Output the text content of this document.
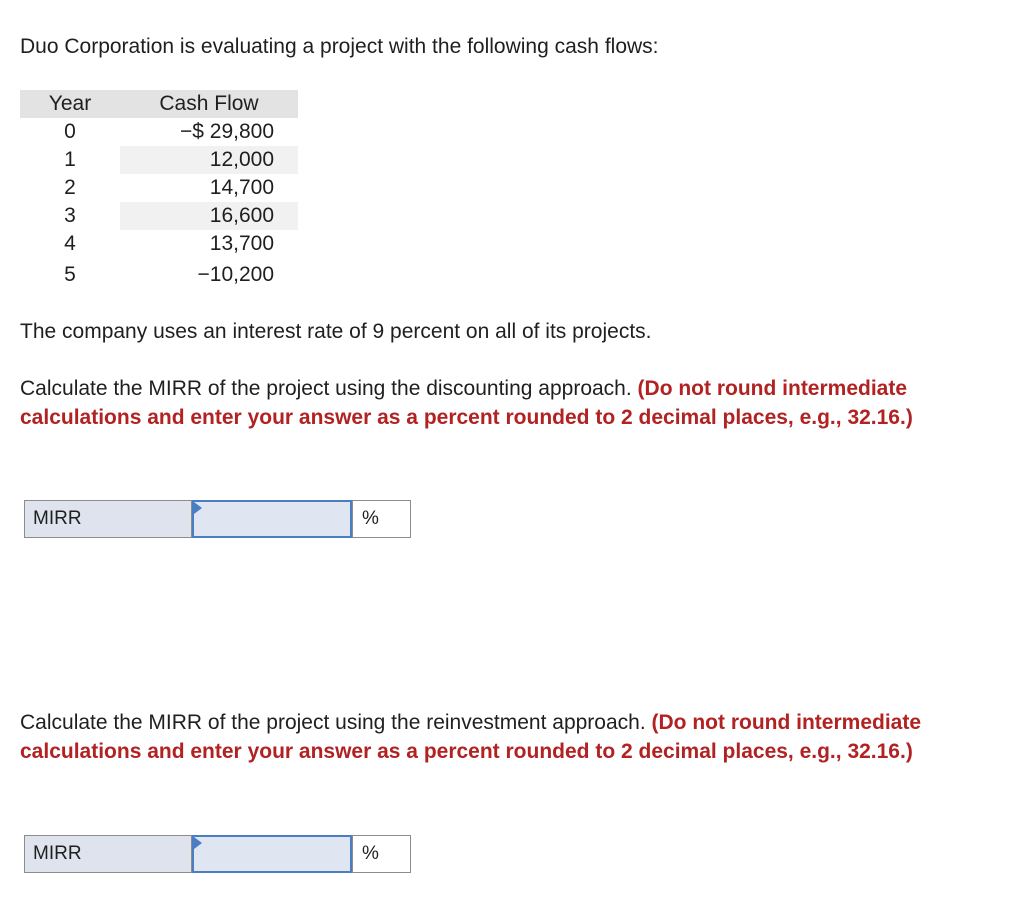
Duo Corporation is evaluating a project with the following cash flows:
Year	Cash Flow
0	−$ 29,800
1	12,000
2	14,700
3	16,600
4	13,700
5	−10,200
The company uses an interest rate of 9 percent on all of its projects.
Calculate the MIRR of the project using the discounting approach. (Do not round intermediate calculations and enter your answer as a percent rounded to 2 decimal places, e.g., 32.16.)
MIRR	%
Calculate the MIRR of the project using the reinvestment approach. (Do not round intermediate calculations and enter your answer as a percent rounded to 2 decimal places, e.g., 32.16.)
MIRR	%
